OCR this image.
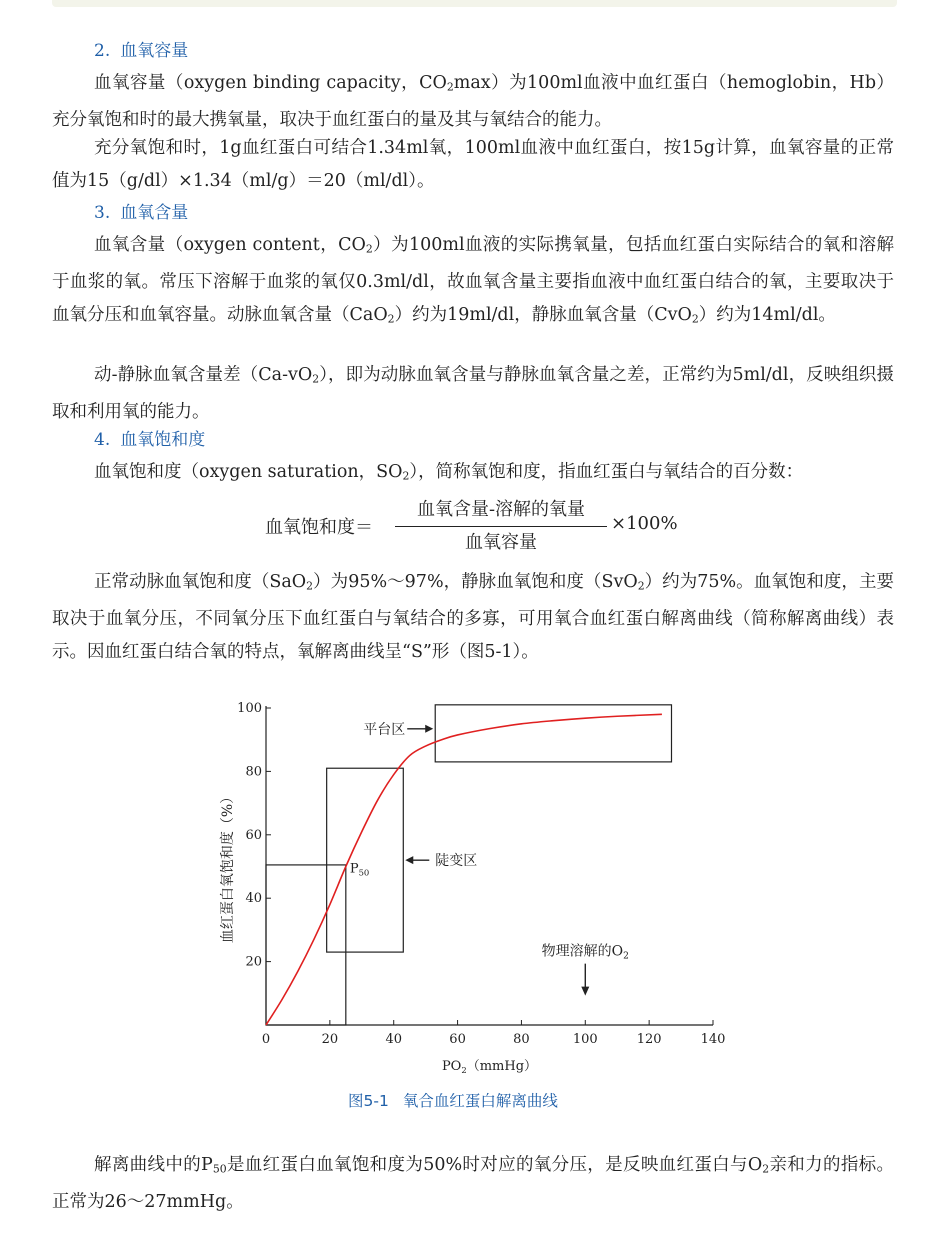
2. 血氧容量

血氧容量（oxygen binding capacity，$CO_2\max$）为100ml血液中血红蛋白（hemoglobin，Hb）充分氧饱和时的最大携氧量，取决于血红蛋白的量及其与氧结合的能力。

充分氧饱和时，1g血红蛋白可结合1.34ml氧，100ml血液中血红蛋白，按15g计算，血氧容量的正常值为15（g/dl）×1.34（ml/g）＝20（ml/dl）。

3. 血氧含量

血氧含量（oxygen content，$CO_2$）为100ml血液的实际携氧量，包括血红蛋白实际结合的氧和溶解于血浆的氧。常压下溶解于血浆的氧仅0.3ml/dl，故血氧含量主要指血液中血红蛋白结合的氧，主要取决于血氧分压和血氧容量。动脉血氧含量（CaO$_2$）约为19ml/dl，静脉血氧含量（CvO$_2$）约为14ml/dl。

动-静脉血氧含量差$(Ca-vO_2)$，即为动脉血氧含量与静脉血氧含量之差，正常约为5ml/dl，反映组织摄取和利用氧的能力。

4. 血氧饱和度

血氧饱和度（oxygen saturation，$SO_2$），简称氧饱和度，指血红蛋白与氧结合的百分数：

血氧饱和度＝
血氧含量-溶解的氧量
血氧容量
×100%

正常动脉血氧饱和度（SaO$_2$）为95%～97%，静脉血氧饱和度（SvO$_2$）约为75%。血氧饱和度，主要取决于血氧分压，不同氧分压下血红蛋白与氧结合的多寡，可用氧合血红蛋白解离曲线（简称解离曲线）表示。因血红蛋白结合氧的特点，氧解离曲线呈“S”形（图5-1）。

0	20	40	60	80	100	120	140
20
40
60
80
100
$PO_2(mmHg)$
血红蛋白氧饱和度（%）
平台区
陡变区
$P_{50}$
物理溶解的$O_2$
图5-1 氧合血红蛋白解离曲线

解离曲线中的$P_{50}$是血红蛋白血氧饱和度为50%时对应的氧分压，是反映血红蛋白与$O_2$亲和力的指标。正常为26～27mmHg。
